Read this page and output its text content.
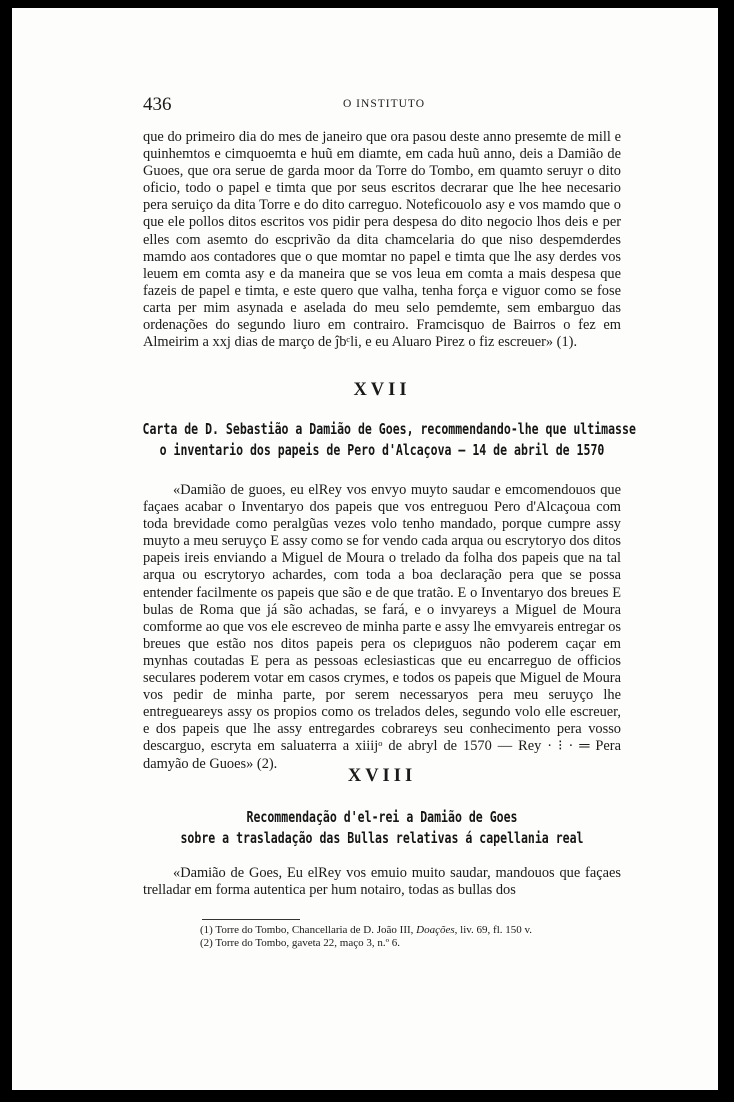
436	O INSTITUTO

que do primeiro dia do mes de janeiro que ora pasou deste anno presemte de mill e quinhemtos e cimquoemta e huũ em diamte, em cada huũ anno, deis a Damião de Guoes, que ora serue de garda moor da Torre do Tombo, em quamto seruyr o dito oficio, todo o papel e timta que por seus escritos decrarar que lhe hee necesario pera seruiço da dita Torre e do dito carreguo. Noteficouolo asy e vos mamdo que o que ele pollos ditos escritos vos pidir pera despesa do dito negocio lhos deis e per elles com asemto do escprivão da dita chamcelaria do que niso despemderdes mamdo aos contadores que o que momtar no papel e timta que lhe asy derdes vos leuem em comta asy e da maneira que se vos leua em comta a mais despesa que fazeis de papel e timta, e este quero que valha, tenha força e viguor como se fose carta per mim asynada e aselada do meu selo pemdemte, sem embarguo das ordenações do segundo liuro em contrairo. Framcisquo de Bairros o fez em Almeirim a xxj dias de março de ĵbᶜli, e eu Aluaro Pirez o fiz escreuer» (1).

XVII
Carta de D. Sebastião a Damião de Goes, recommendando-lhe que ultimasse
o inventario dos papeis de Pero d'Alcaçova — 14 de abril de 1570

«Damião de guoes, eu elRey vos envyo muyto saudar e emcomendouos que façaes acabar o Inventaryo dos papeis que vos entreguou Pero d'Alcaçoua com toda brevidade como peralgũas vezes volo tenho mandado, porque cumpre assy muyto a meu seruyço E assy como se for vendo cada arqua ou escrytoryo dos ditos papeis ireis enviando a Miguel de Moura o trelado da folha dos papeis que na tal arqua ou escrytoryo achardes, com toda a boa declaração pera que se possa entender facilmente os papeis que são e de que tratão. E o Inventaryo dos breues E bulas de Roma que já são achadas, se fará, e o invyareys a Miguel de Moura comforme ao que vos ele escreveo de minha parte e assy lhe emvyareis entregar os breues que estão nos ditos papeis pera os clериguos não poderem caçar em mynhas coutadas E pera as pessoas eclesiasticas que eu encarreguo de officios seculares poderem votar em casos crymes, e todos os papeis que Miguel de Moura vos pedir de minha parte, por serem necessaryos pera meu seruyço lhe entregueareys assy os propios como os trelados deles, segundo volo elle escreuer, e dos papeis que lhe assy entregardes cobrareys seu conhecimento pera vosso descarguo, escryta em saluaterra a xiiijᵒ de abryl de 1570 — Rey · ⁝ · ═ Pera damyão de Guoes» (2).

XVIII
Recommendação d'el-rei a Damião de Goes
sobre a trasladação das Bullas relativas á capellania real

«Damião de Goes, Eu elRey vos emuio muito saudar, mandouos que façaes trelladar em forma autentica per hum notairo, todas as bullas dos

(1) Torre do Tombo, Chancellaria de D. João III, Doações, liv. 69, fl. 150 v.
(2) Torre do Tombo, gaveta 22, maço 3, n.º 6.
